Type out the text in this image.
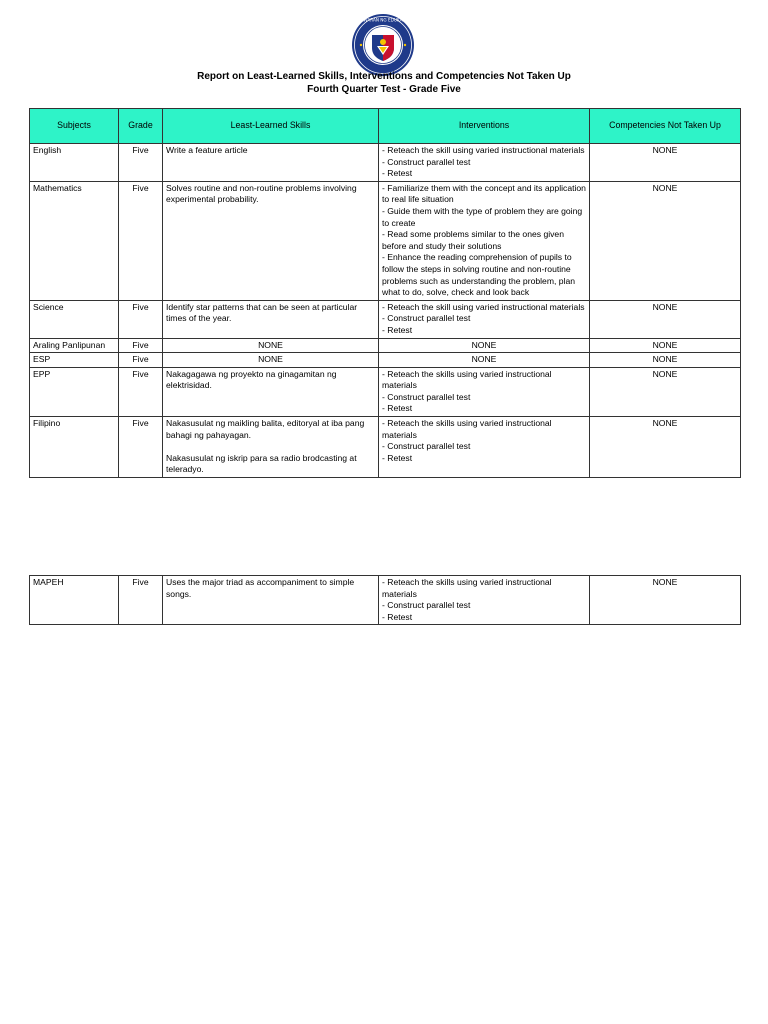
KAGAWARAN NG EDUKASYON
Report on Least-Learned Skills, Interventions and Competencies Not Taken Up
Fourth Quarter Test - Grade Five
Subjects	Grade	Least-Learned Skills	Interventions	Competencies Not Taken Up
English	Five	Write a feature article	- Reteach the skill using varied instructional materials
- Construct parallel test
- Retest	NONE
Mathematics	Five	Solves routine and non-routine problems involving experimental probability.	- Familiarize them with the concept and its application to real life situation
- Guide them with the type of problem they are going to create
- Read some problems similar to the ones given before and study their solutions
- Enhance the reading comprehension of pupils to follow the steps in solving routine and non-routine problems such as understanding the problem, plan what to do, solve, check and look back	NONE
Science	Five	Identify star patterns that can be seen at particular times of the year.	- Reteach the skill using varied instructional materials
- Construct parallel test
- Retest	NONE
Araling Panlipunan	Five	NONE	NONE	NONE
ESP	Five	NONE	NONE	NONE
EPP	Five	Nakagagawa ng proyekto na ginagamitan ng elektrisidad.	- Reteach the skills using varied instructional materials
- Construct parallel test
- Retest	NONE
Filipino	Five	Nakasusulat ng maikling balita, editoryal at iba pang bahagi ng pahayagan.
Nakasusulat ng iskrip para sa radio brodcasting at teleradyo.	- Reteach the skills using varied instructional materials
- Construct parallel test
- Retest	NONE
MAPEH	Five	Uses the major triad as accompaniment to simple songs.

- Reteach the skills using varied instructional materials
- Construct parallel test
- Retest
	NONE
